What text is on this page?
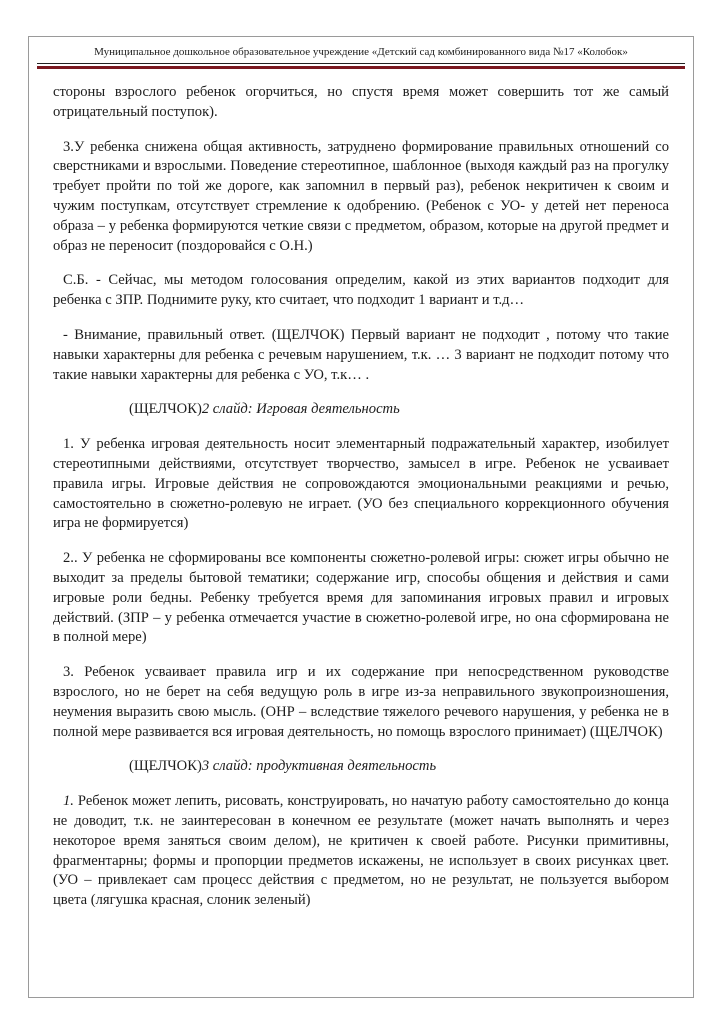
Муниципальное дошкольное образовательное учреждение «Детский сад комбинированного вида №17 «Колобок»

стороны взрослого ребенок огорчиться, но спустя время может совершить тот же самый отрицательный поступок).

3.У ребенка снижена общая активность, затруднено формирование правильных отношений со сверстниками и взрослыми. Поведение стереотипное, шаблонное (выходя каждый раз на прогулку требует пройти по той же дороге, как запомнил в первый раз), ребенок некритичен к своим и чужим поступкам, отсутствует стремление к одобрению. (Ребенок с УО- у детей нет переноса образа – у ребенка формируются четкие связи с предметом, образом, которые на другой предмет и образ не переносит (поздоровайся с О.Н.)

С.Б. - Сейчас, мы методом голосования определим, какой из этих вариантов подходит для ребенка с ЗПР. Поднимите руку, кто считает, что подходит 1 вариант и т.д…

- Внимание, правильный ответ. (ЩЕЛЧОК) Первый вариант не подходит , потому что такие навыки характерны для ребенка с речевым нарушением, т.к. … 3 вариант не подходит потому что такие навыки характерны для ребенка с УО, т.к… .

(ЩЕЛЧОК)2 слайд: Игровая деятельность

1. У ребенка игровая деятельность носит элементарный подражательный характер, изобилует стереотипными действиями, отсутствует творчество, замысел в игре. Ребенок не усваивает правила игры. Игровые действия не сопровождаются эмоциональными реакциями и речью, самостоятельно в сюжетно-ролевую не играет. (УО без специального коррекционного обучения игра не формируется)

2.. У ребенка не сформированы все компоненты сюжетно-ролевой игры: сюжет игры обычно не выходит за пределы бытовой тематики; содержание игр, способы общения и действия и сами игровые роли бедны. Ребенку требуется время для запоминания игровых правил и игровых действий. (ЗПР – у ребенка отмечается участие в сюжетно-ролевой игре, но она сформирована не в полной мере)

3. Ребенок усваивает правила игр и их содержание при непосредственном руководстве взрослого, но не берет на себя ведущую роль в игре из-за неправильного звукопроизношения, неумения выразить свою мысль. (ОНР – вследствие тяжелого речевого нарушения, у ребенка не в полной мере развивается вся игровая деятельность, но помощь взрослого принимает) (ЩЕЛЧОК)

(ЩЕЛЧОК)3 слайд: продуктивная деятельность

1. Ребенок может лепить, рисовать, конструировать, но начатую работу самостоятельно до конца не доводит, т.к. не заинтересован в конечном ее результате (может начать выполнять и через некоторое время заняться своим делом), не критичен к своей работе. Рисунки примитивны, фрагментарны; формы и пропорции предметов искажены, не использует в своих рисунках цвет. (УО – привлекает сам процесс действия с предметом, но не результат, не пользуется выбором цвета (лягушка красная, слоник зеленый)
